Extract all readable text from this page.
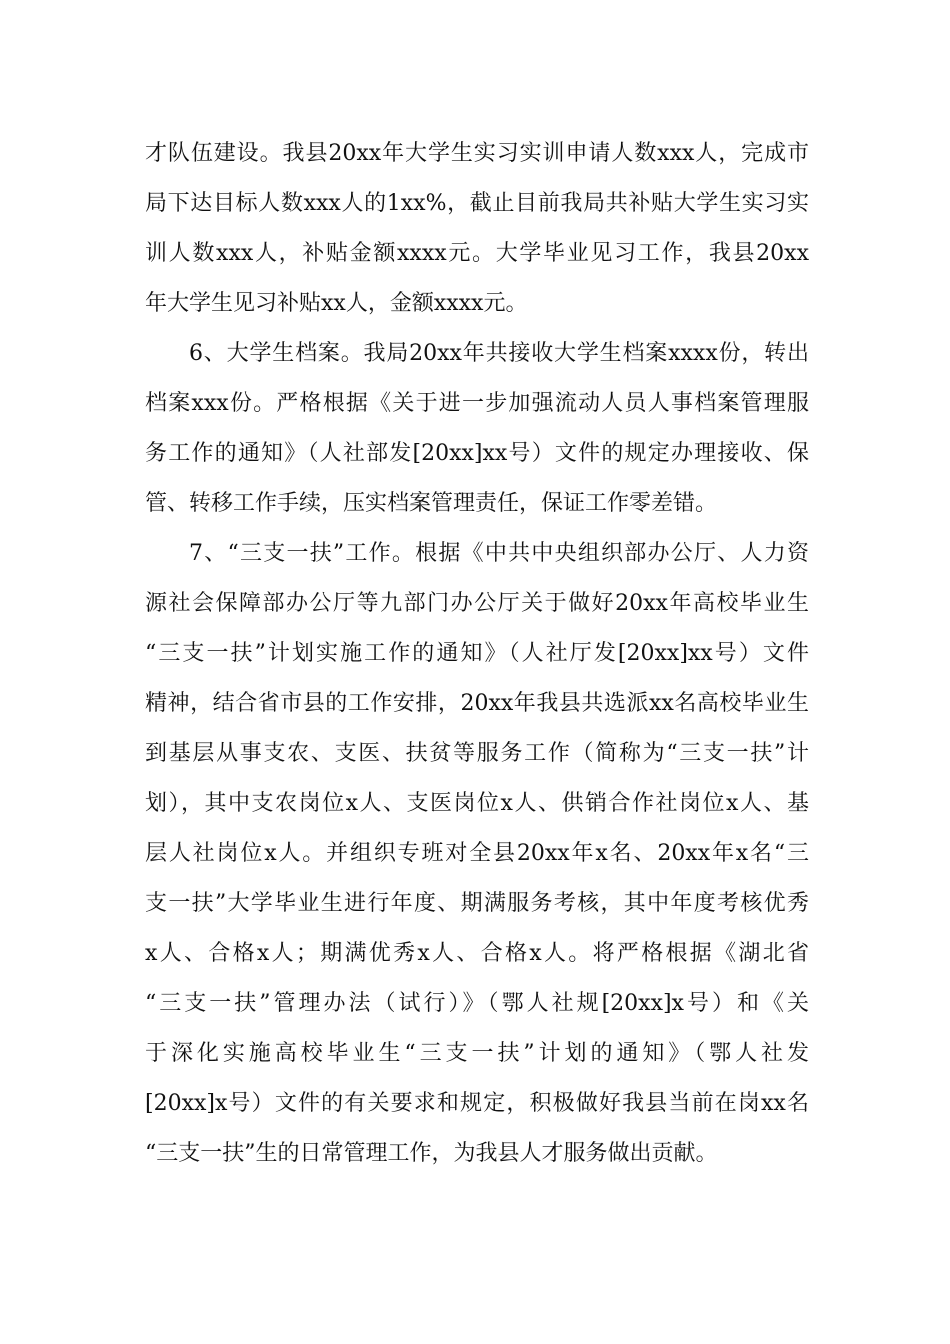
才队伍建设。我县20xx年大学生实习实训申请人数xxx人，完成市
局下达目标人数xxx人的1xx%，截止目前我局共补贴大学生实习实
训人数xxx人，补贴金额xxxx元。大学毕业见习工作，我县20xx
年大学生见习补贴xx人，金额xxxx元。
6、大学生档案。我局20xx年共接收大学生档案xxxx份，转出
档案xxx份。严格根据《关于进一步加强流动人员人事档案管理服
务工作的通知》（人社部发[20xx]xx号）文件的规定办理接收、保
管、转移工作手续，压实档案管理责任，保证工作零差错。
7、“三支一扶”工作。根据《中共中央组织部办公厅、人力资
源社会保障部办公厅等九部门办公厅关于做好20xx年高校毕业生
“三支一扶”计划实施工作的通知》（人社厅发[20xx]xx号）文件
精神，结合省市县的工作安排，20xx年我县共选派xx名高校毕业生
到基层从事支农、支医、扶贫等服务工作（简称为“三支一扶”计
划），其中支农岗位x人、支医岗位x人、供销合作社岗位x人、基
层人社岗位x人。并组织专班对全县20xx年x名、20xx年x名“三
支一扶”大学毕业生进行年度、期满服务考核，其中年度考核优秀
x人、合格x人；期满优秀x人、合格x人。将严格根据《湖北省
“三支一扶”管理办法（试行）》（鄂人社规[20xx]x号）和《关
于深化实施高校毕业生“三支一扶”计划的通知》（鄂人社发
[20xx]x号）文件的有关要求和规定，积极做好我县当前在岗xx名
“三支一扶”生的日常管理工作，为我县人才服务做出贡献。
